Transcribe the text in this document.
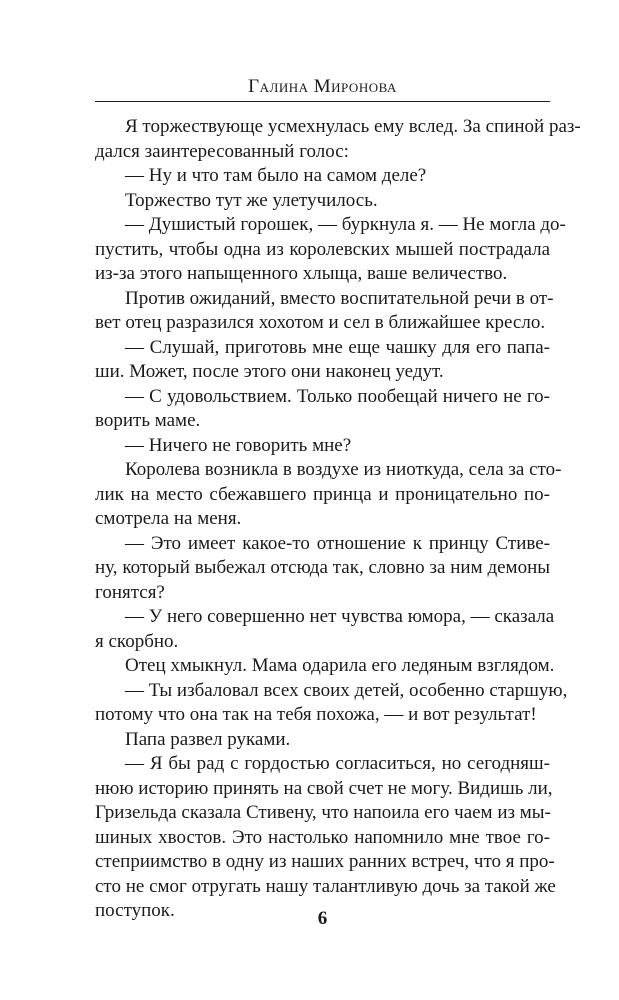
Галина Миронова
Я торжествующе усмехнулась ему вслед. За спиной раз-
дался заинтересованный голос:
— Ну и что там было на самом деле?
Торжество тут же улетучилось.
— Душистый горошек, — буркнула я. — Не могла до-
пустить, чтобы одна из королевских мышей пострадала
из-за этого напыщенного хлыща, ваше величество.
Против ожиданий, вместо воспитательной речи в от-
вет отец разразился хохотом и сел в ближайшее кресло.
— Слушай, приготовь мне еще чашку для его папа-
ши. Может, после этого они наконец уедут.
— С удовольствием. Только пообещай ничего не го-
ворить маме.
— Ничего не говорить мне?
Королева возникла в воздухе из ниоткуда, села за сто-
лик на место сбежавшего принца и проницательно по-
смотрела на меня.
— Это имеет какое-то отношение к принцу Стиве-
ну, который выбежал отсюда так, словно за ним демоны
гонятся?
— У него совершенно нет чувства юмора, — сказала
я скорбно.
Отец хмыкнул. Мама одарила его ледяным взглядом.
— Ты избаловал всех своих детей, особенно старшую,
потому что она так на тебя похожа, — и вот результат!
Папа развел руками.
— Я бы рад с гордостью согласиться, но сегодняш-
нюю историю принять на свой счет не могу. Видишь ли,
Гризельда сказала Стивену, что напоила его чаем из мы-
шиных хвостов. Это настолько напомнило мне твое го-
степриимство в одну из наших ранних встреч, что я про-
сто не смог отругать нашу талантливую дочь за такой же
поступок.	6
